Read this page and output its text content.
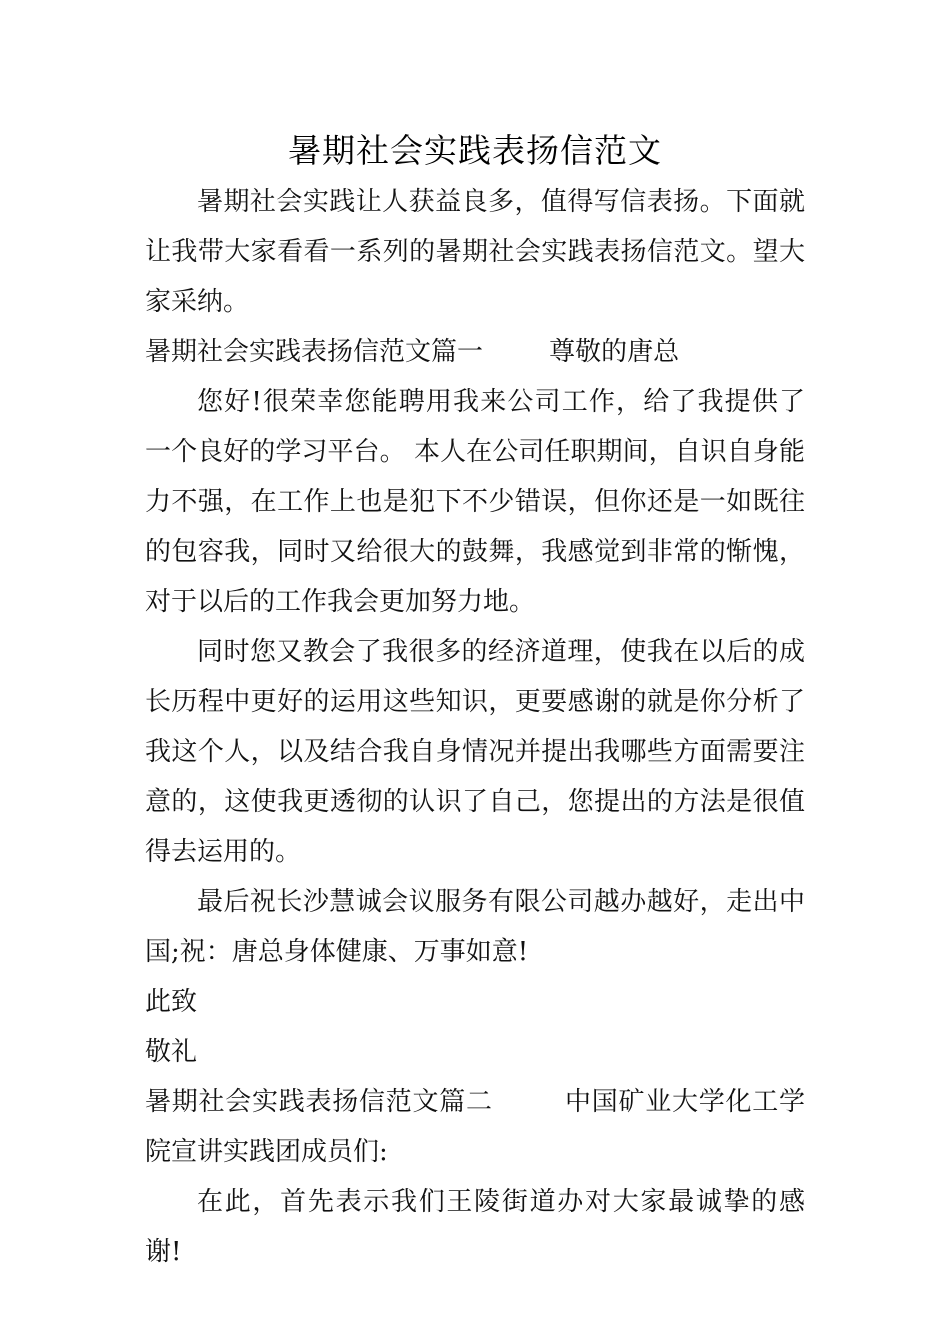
暑期社会实践表扬信范文

暑期社会实践让人获益良多，值得写信表扬。下面就让我带大家看看一系列的暑期社会实践表扬信范文。望大家采纳。

暑期社会实践表扬信范文篇一	尊敬的唐总

您好!很荣幸您能聘用我来公司工作，给了我提供了一个良好的学习平台。 本人在公司任职期间，自识自身能力不强，在工作上也是犯下不少错误，但你还是一如既往的包容我，同时又给很大的鼓舞，我感觉到非常的惭愧，对于以后的工作我会更加努力地。

同时您又教会了我很多的经济道理，使我在以后的成长历程中更好的运用这些知识，更要感谢的就是你分析了我这个人，以及结合我自身情况并提出我哪些方面需要注意的，这使我更透彻的认识了自己，您提出的方法是很值得去运用的。

最后祝长沙慧诚会议服务有限公司越办越好，走出中国;祝：唐总身体健康、万事如意!

此致

敬礼

暑期社会实践表扬信范文篇二	中国矿业大学化工学院宣讲实践团成员们:

在此，首先表示我们王陵街道办对大家最诚挚的感谢!
